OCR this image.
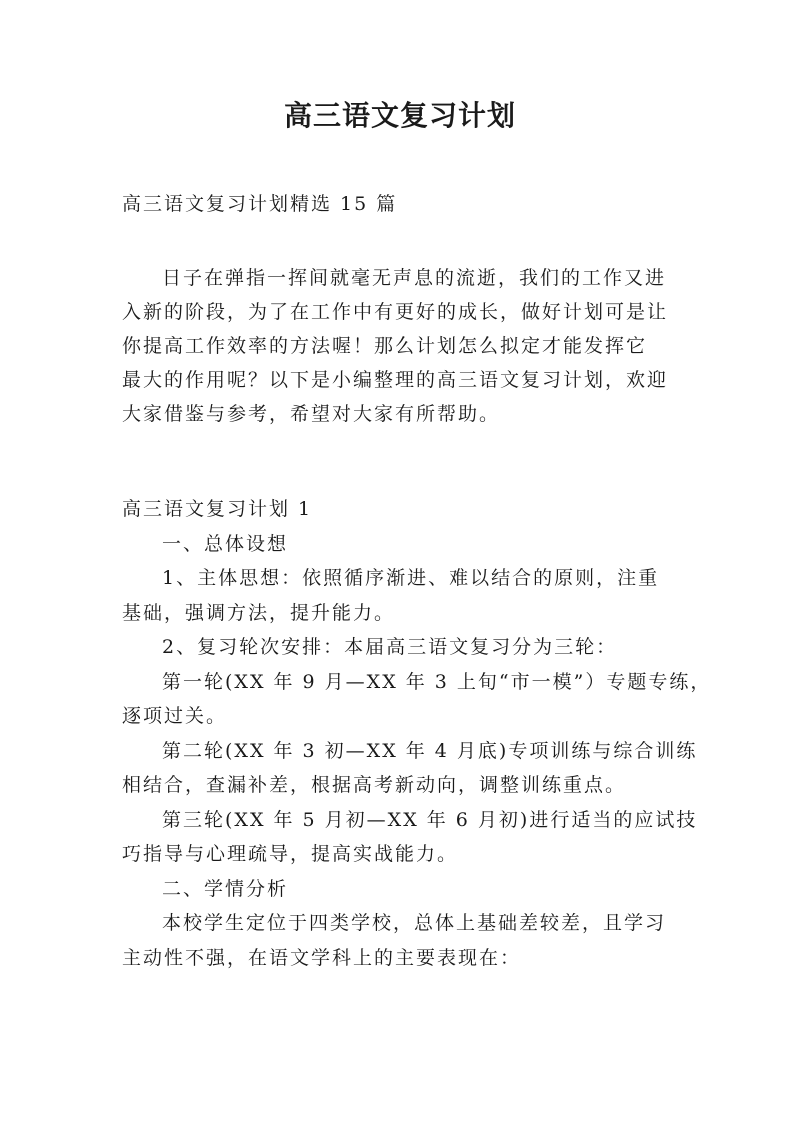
高三语文复习计划
高三语文复习计划精选 15 篇
日子在弹指一挥间就毫无声息的流逝，我们的工作又进
入新的阶段，为了在工作中有更好的成长，做好计划可是让
你提高工作效率的方法喔！那么计划怎么拟定才能发挥它
最大的作用呢？以下是小编整理的高三语文复习计划，欢迎
大家借鉴与参考，希望对大家有所帮助。
高三语文复习计划 1
一、总体设想
1、主体思想：依照循序渐进、难以结合的原则，注重
基础，强调方法，提升能力。
2、复习轮次安排：本届高三语文复习分为三轮：
第一轮(XX 年 9 月—XX 年 3 上旬“市一模”）专题专练，
逐项过关。
第二轮(XX 年 3 初—XX 年 4 月底)专项训练与综合训练
相结合，查漏补差，根据高考新动向，调整训练重点。
第三轮(XX 年 5 月初—XX 年 6 月初)进行适当的应试技
巧指导与心理疏导，提高实战能力。
二、学情分析
本校学生定位于四类学校，总体上基础差较差，且学习
主动性不强，在语文学科上的主要表现在：
